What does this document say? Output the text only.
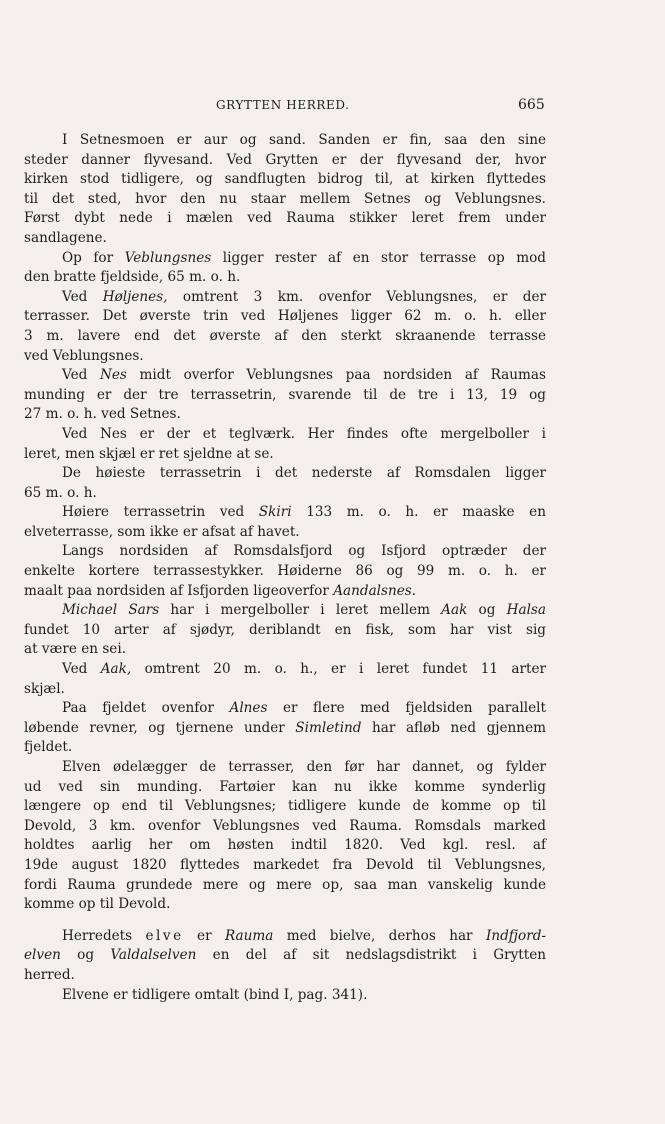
GRYTTEN HERRED.	665
I Setnesmoen er aur og sand. Sanden er fin, saa den sine
steder danner flyvesand. Ved Grytten er der flyvesand der, hvor
kirken stod tidligere, og sandflugten bidrog til, at kirken flyttedes
til det sted, hvor den nu staar mellem Setnes og Veblungsnes.
Først dybt nede i mælen ved Rauma stikker leret frem under
sandlagene.
Op for Veblungsnes ligger rester af en stor terrasse op mod
den bratte fjeldside, 65 m. o. h.
Ved Høljenes, omtrent 3 km. ovenfor Veblungsnes, er der
terrasser. Det øverste trin ved Høljenes ligger 62 m. o. h. eller
3 m. lavere end det øverste af den sterkt skraanende terrasse
ved Veblungsnes.
Ved Nes midt overfor Veblungsnes paa nordsiden af Raumas
munding er der tre terrassetrin, svarende til de tre i 13, 19 og
27 m. o. h. ved Setnes.
Ved Nes er der et teglværk. Her findes ofte mergelboller i
leret, men skjæl er ret sjeldne at se.
De høieste terrassetrin i det nederste af Romsdalen ligger
65 m. o. h.
Høiere terrassetrin ved Skiri 133 m. o. h. er maaske en
elveterrasse, som ikke er afsat af havet.
Langs nordsiden af Romsdalsfjord og Isfjord optræder der
enkelte kortere terrassestykker. Høiderne 86 og 99 m. o. h. er
maalt paa nordsiden af Isfjorden ligeoverfor Aandalsnes.
Michael Sars har i mergelboller i leret mellem Aak og Halsa
fundet 10 arter af sjødyr, deriblandt en fisk, som har vist sig
at være en sei.
Ved Aak, omtrent 20 m. o. h., er i leret fundet 11 arter
skjæl.
Paa fjeldet ovenfor Alnes er flere med fjeldsiden parallelt
løbende revner, og tjernene under Simletind har afløb ned gjennem
fjeldet.
Elven ødelægger de terrasser, den før har dannet, og fylder
ud ved sin munding. Fartøier kan nu ikke komme synderlig
længere op end til Veblungsnes; tidligere kunde de komme op til
Devold, 3 km. ovenfor Veblungsnes ved Rauma. Romsdals marked
holdtes aarlig her om høsten indtil 1820. Ved kgl. resl. af
19de august 1820 flyttedes markedet fra Devold til Veblungsnes,
fordi Rauma grundede mere og mere op, saa man vanskelig kunde
komme op til Devold.
Herredets elve er Rauma med bielve, derhos har Indfjord-
elven og Valdalselven en del af sit nedslagsdistrikt i Grytten
herred.
Elvene er tidligere omtalt (bind I, pag. 341).
